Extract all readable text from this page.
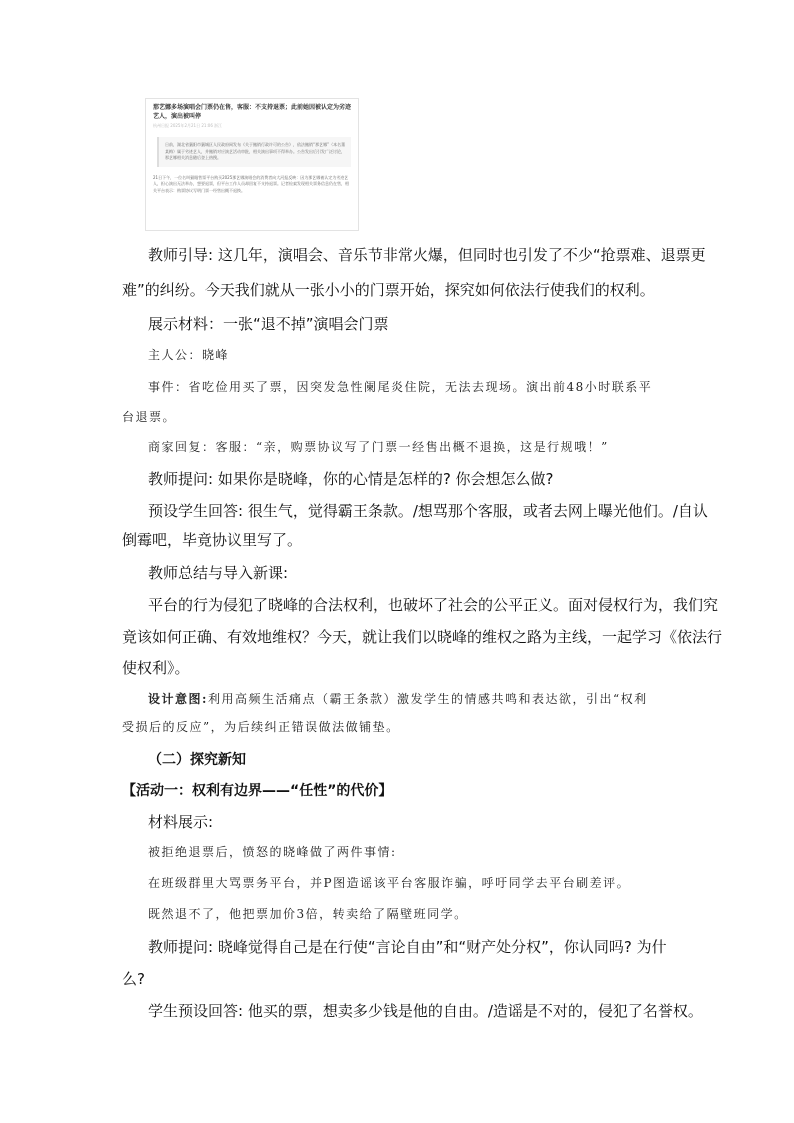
那艺娜多场演唱会门票仍在售，客服：不支持退票；此前她因被认定为劣迹艺人，演出被叫停
杭州日报 2025年2月21日 21:06 浙江
日前，湖北省襄阳市襄城区人民政府网发布《关于撤销行政许可的公告》，依法撤销“那艺娜”（本名董某梅）属于劣迹艺人，并撤销对应演艺活动审批，相关演出事项不得举办。公告发出后引发广泛讨论，那艺娜相关消息随后登上热搜。
21日下午，一位名叫猫眼售票平台购买2025那艺娜演唱会的消费者向大河报反映：因为那艺娜被认定为劣迹艺人，担心演出无法举办，想要退票，但平台工作人员却回复不支持退票。记者检索发现相关票务信息仍在售，相关平台表示：购票协议写明门票一经售出概不退换。
教师引导: 这几年，演唱会、音乐节非常火爆，但同时也引发了不少“抢票难、退票更
难”的纠纷。今天我们就从一张小小的门票开始，探究如何依法行使我们的权利。
展示材料：一张“退不掉”演唱会门票
主人公：晓峰
事件：省吃俭用买了票，因突发急性阑尾炎住院，无法去现场。演出前48小时联系平
台退票。
商家回复：客服：“亲，购票协议写了门票一经售出概不退换，这是行规哦！”
教师提问: 如果你是晓峰，你的心情是怎样的? 你会想怎么做?
预设学生回答: 很生气，觉得霸王条款。/想骂那个客服，或者去网上曝光他们。/自认
倒霉吧，毕竟协议里写了。
教师总结与导入新课:
平台的行为侵犯了晓峰的合法权利，也破坏了社会的公平正义。面对侵权行为，我们究
竟该如何正确、有效地维权？今天，就让我们以晓峰的维权之路为主线，一起学习《依法行
使权利》。
设计意图:利用高频生活痛点（霸王条款）激发学生的情感共鸣和表达欲，引出“权利
受损后的反应”，为后续纠正错误做法做铺垫。
（二）探究新知
【活动一：权利有边界——“任性”的代价】
材料展示:
被拒绝退票后，愤怒的晓峰做了两件事情:
在班级群里大骂票务平台，并P图造谣该平台客服诈骗，呼吁同学去平台刷差评。
既然退不了，他把票加价3倍，转卖给了隔壁班同学。
教师提问: 晓峰觉得自己是在行使“言论自由”和“财产处分权”，你认同吗? 为什
么?
学生预设回答: 他买的票，想卖多少钱是他的自由。/造谣是不对的，侵犯了名誉权。
